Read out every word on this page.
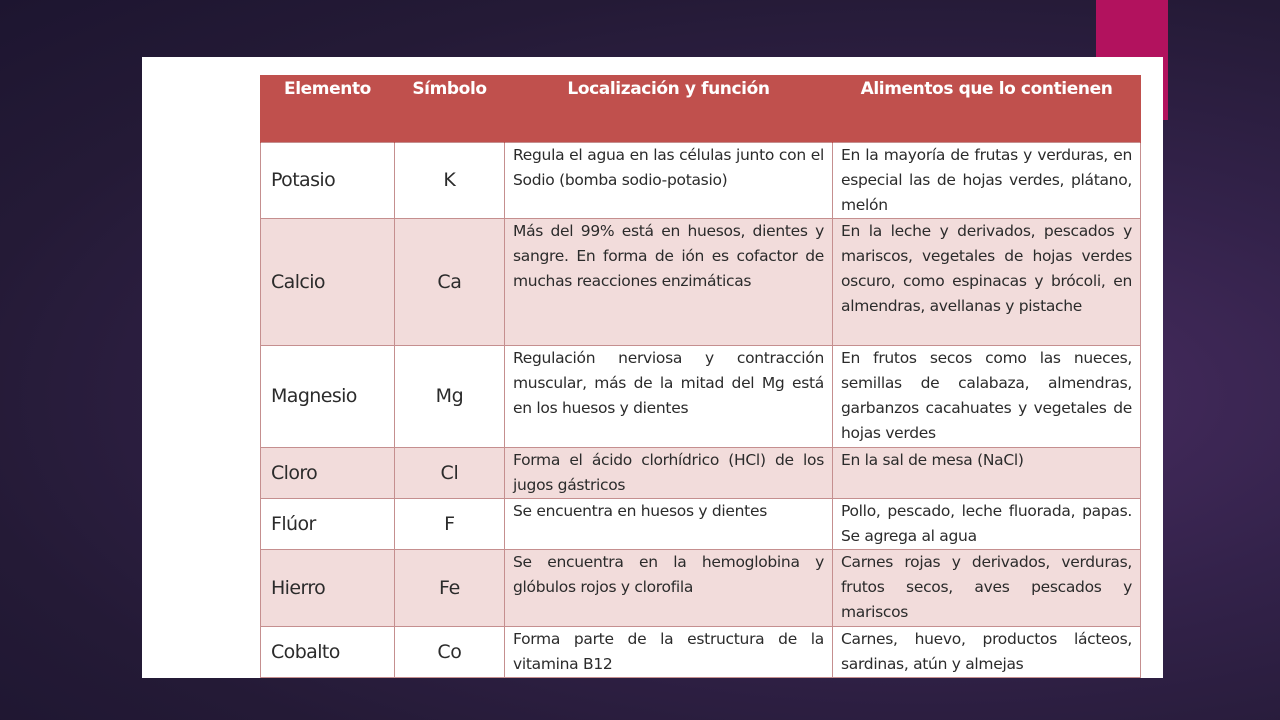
Elemento	Símbolo	Localización y función	Alimentos que lo contienen
Potasio	K	Regula el agua en las células junto con el Sodio (bomba sodio-potasio)	En la mayoría de frutas y verduras, en especial las de hojas verdes, plátano, melón
Calcio	Ca	Más del 99% está en huesos, dientes y sangre. En forma de ión es cofactor de muchas reacciones enzimáticas	En la leche y derivados, pescados y mariscos, vegetales de hojas verdes oscuro, como espinacas y brócoli, en almendras, avellanas y pistache
Magnesio	Mg	Regulación nerviosa y contracción muscular, más de la mitad del Mg está en los huesos y dientes	En frutos secos como las nueces, semillas de calabaza, almendras, garbanzos cacahuates y vegetales de hojas verdes
Cloro	Cl	Forma el ácido clorhídrico (HCl) de los jugos gástricos	En la sal de mesa (NaCl)
Flúor	F	Se encuentra en huesos y dientes	Pollo, pescado, leche fluorada, papas. Se agrega al agua
Hierro	Fe	Se encuentra en la hemoglobina y glóbulos rojos y clorofila	Carnes rojas y derivados, verduras, frutos secos, aves pescados y mariscos
Cobalto	Co	Forma parte de la estructura de la vitamina B12	Carnes, huevo, productos lácteos, sardinas, atún y almejas
